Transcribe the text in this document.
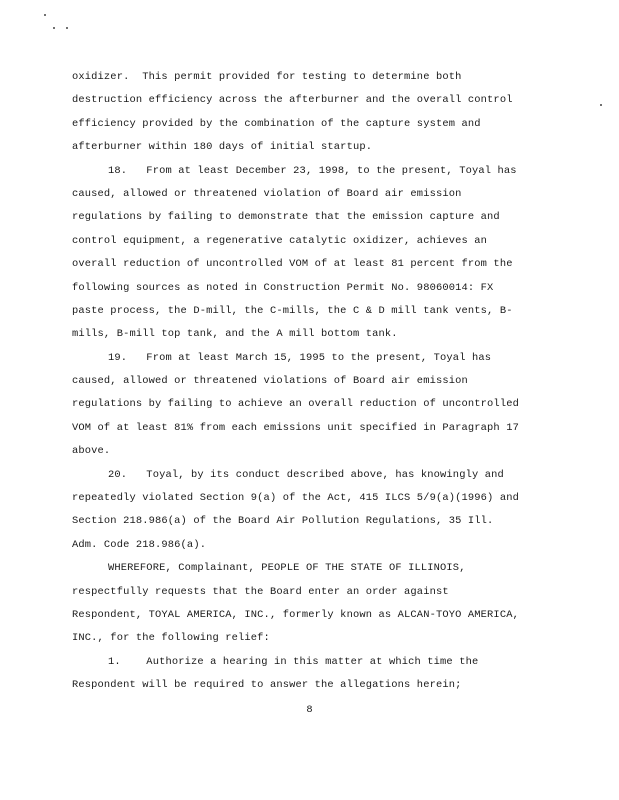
oxidizer.  This permit provided for testing to determine both
destruction efficiency across the afterburner and the overall control
efficiency provided by the combination of the capture system and
afterburner within 180 days of initial startup.
18.   From at least December 23, 1998, to the present, Toyal has
caused, allowed or threatened violation of Board air emission
regulations by failing to demonstrate that the emission capture and
control equipment, a regenerative catalytic oxidizer, achieves an
overall reduction of uncontrolled VOM of at least 81 percent from the
following sources as noted in Construction Permit No. 98060014: FX
paste process, the D-mill, the C-mills, the C & D mill tank vents, B-
mills, B-mill top tank, and the A mill bottom tank.
19.   From at least March 15, 1995 to the present, Toyal has
caused, allowed or threatened violations of Board air emission
regulations by failing to achieve an overall reduction of uncontrolled
VOM of at least 81% from each emissions unit specified in Paragraph 17
above.
20.   Toyal, by its conduct described above, has knowingly and
repeatedly violated Section 9(a) of the Act, 415 ILCS 5/9(a)(1996) and
Section 218.986(a) of the Board Air Pollution Regulations, 35 Ill.
Adm. Code 218.986(a).
WHEREFORE, Complainant, PEOPLE OF THE STATE OF ILLINOIS,
respectfully requests that the Board enter an order against
Respondent, TOYAL AMERICA, INC., formerly known as ALCAN-TOYO AMERICA,
INC., for the following relief:
1.    Authorize a hearing in this matter at which time the
Respondent will be required to answer the allegations herein;
8
